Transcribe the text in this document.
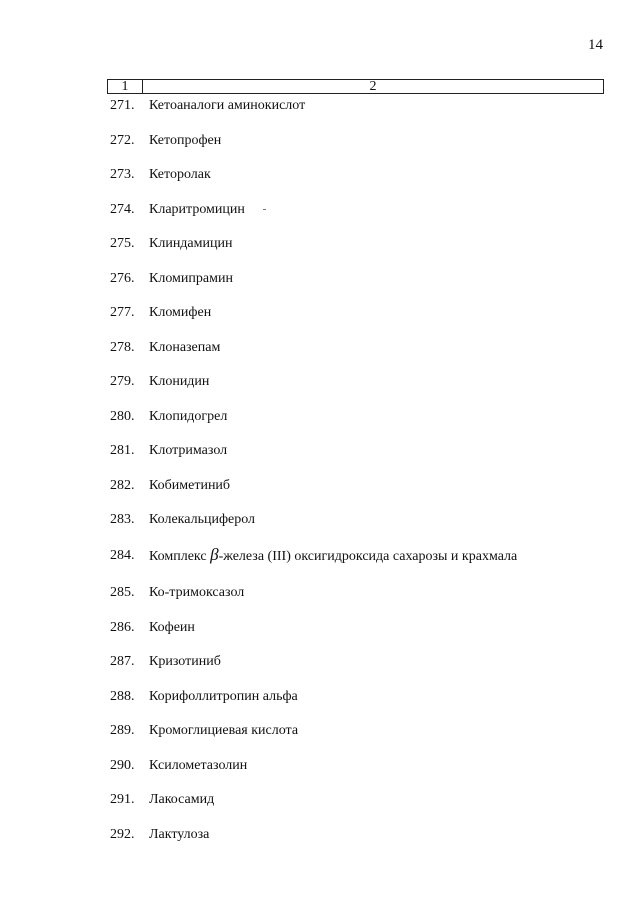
14
1	2
271.	Кетоаналоги аминокислот
272.	Кетопрофен
273.	Кеторолак
274.	Кларитромицин
275.	Клиндамицин
276.	Кломипрамин
277.	Кломифен
278.	Клоназепам
279.	Клонидин
280.	Клопидогрел
281.	Клотримазол
282.	Кобиметиниб
283.	Колекальциферол
284.	Комплекс β-железа (III) оксигидроксида сахарозы и крахмала
285.	Ко-тримоксазол
286.	Кофеин
287.	Кризотиниб
288.	Корифоллитропин альфа
289.	Кромоглициевая кислота
290.	Ксилометазолин
291.	Лакосамид
292.	Лактулоза
